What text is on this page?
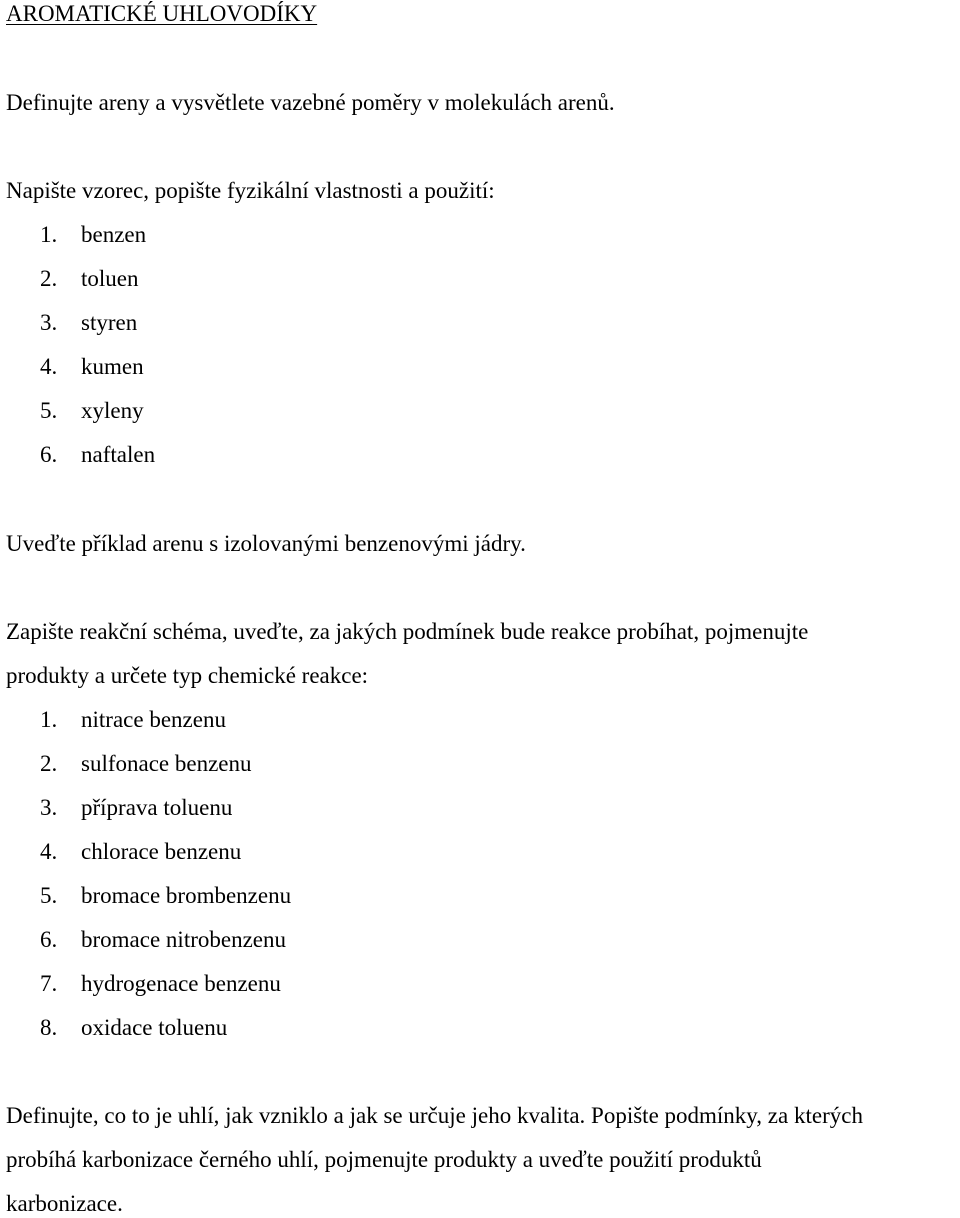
AROMATICKÉ UHLOVODÍKY
Definujte areny a vysvětlete vazebné poměry v molekulách arenů.
Napište vzorec, popište fyzikální vlastnosti a použití:
1. benzen
2. toluen
3. styren
4. kumen
5. xyleny
6. naftalen
Uveďte příklad arenu s izolovanými benzenovými jádry.
Zapište reakční schéma, uveďte, za jakých podmínek bude reakce probíhat, pojmenujte
produkty a určete typ chemické reakce:
1. nitrace benzenu
2. sulfonace benzenu
3. příprava toluenu
4. chlorace benzenu
5. bromace brombenzenu
6. bromace nitrobenzenu
7. hydrogenace benzenu
8. oxidace toluenu
Definujte, co to je uhlí, jak vzniklo a jak se určuje jeho kvalita. Popište podmínky, za kterých
probíhá karbonizace černého uhlí, pojmenujte produkty a uveďte použití produktů
karbonizace.
